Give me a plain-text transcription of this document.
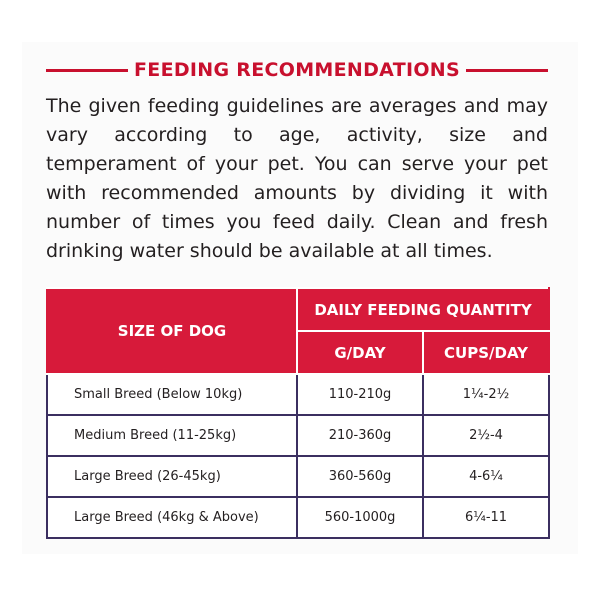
FEEDING RECOMMENDATIONS

The given feeding guidelines are averages and may vary according to age, activity, size and temperament of your pet. You can serve your pet with recommended amounts by dividing it with number of times you feed daily. Clean and fresh drinking water should be available at all times.

SIZE OF DOG	DAILY FEEDING QUANTITY	
	G/DAY	CUPS/DAY
Small Breed (Below 10kg)	110-210g	1¼-2½
Medium Breed (11-25kg)	210-360g	2½-4
Large Breed (26-45kg)	360-560g	4-6¼
Large Breed (46kg & Above)	560-1000g	6¼-11
